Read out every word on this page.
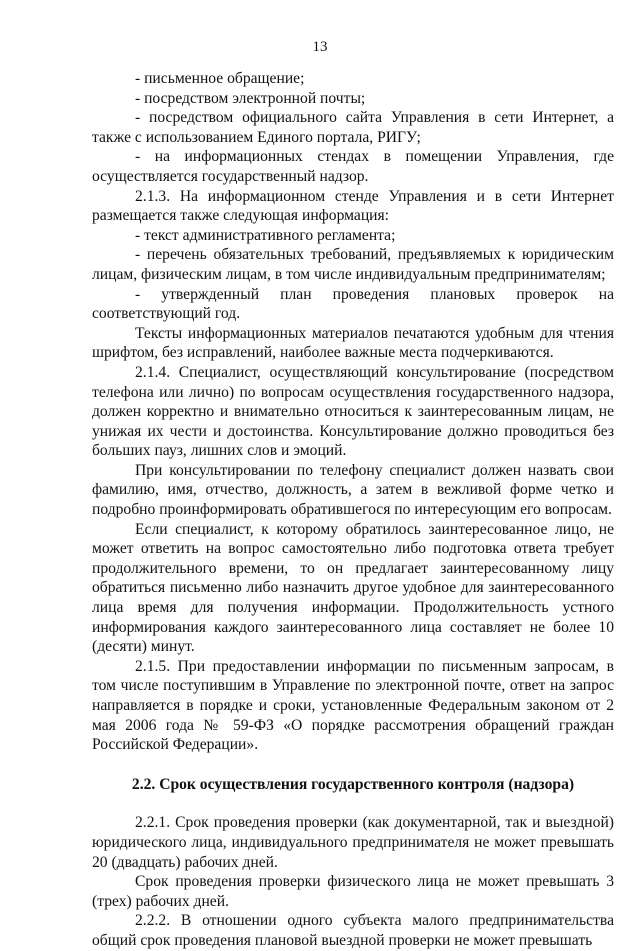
13

- письменное обращение;

- посредством электронной почты;

- посредством официального сайта Управления в сети Интернет, а также с использованием Единого портала, РИГУ;

- на информационных стендах в помещении Управления, где осуществляется государственный надзор.

2.1.3. На информационном стенде Управления и в сети Интернет размещается также следующая информация:

- текст административного регламента;

- перечень обязательных требований, предъявляемых к юридическим лицам, физическим лицам, в том числе индивидуальным предпринимателям;

- утвержденный план проведения плановых проверок на соответствующий год.

Тексты информационных материалов печатаются удобным для чтения шрифтом, без исправлений, наиболее важные места подчеркиваются.

2.1.4. Специалист, осуществляющий консультирование (посредством телефона или лично) по вопросам осуществления государственного надзора, должен корректно и внимательно относиться к заинтересованным лицам, не унижая их чести и достоинства. Консультирование должно проводиться без больших пауз, лишних слов и эмоций.

При консультировании по телефону специалист должен назвать свои фамилию, имя, отчество, должность, а затем в вежливой форме четко и подробно проинформировать обратившегося по интересующим его вопросам.

Если специалист, к которому обратилось заинтересованное лицо, не может ответить на вопрос самостоятельно либо подготовка ответа требует продолжительного времени, то он предлагает заинтересованному лицу обратиться письменно либо назначить другое удобное для заинтересованного лица время для получения информации. Продолжительность устного информирования каждого заинтересованного лица составляет не более 10 (десяти) минут.

2.1.5. При предоставлении информации по письменным запросам, в том числе поступившим в Управление по электронной почте, ответ на запрос направляется в порядке и сроки, установленные Федеральным законом от 2 мая 2006 года № 59-ФЗ «О порядке рассмотрения обращений граждан Российской Федерации».

2.2. Срок осуществления государственного контроля (надзора)

2.2.1. Срок проведения проверки (как документарной, так и выездной) юридического лица, индивидуального предпринимателя не может превышать 20 (двадцать) рабочих дней.

Срок проведения проверки физического лица не может превышать 3 (трех) рабочих дней.

2.2.2. В отношении одного субъекта малого предпринимательства общий срок проведения плановой выездной проверки не может превышать
